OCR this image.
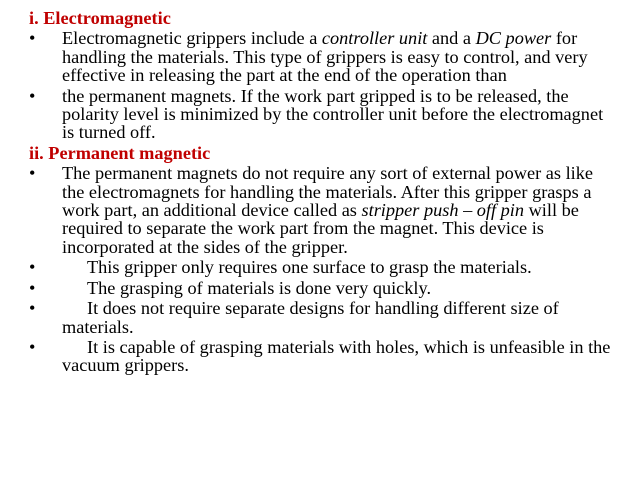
i. Electromagnetic
• Electromagnetic grippers include a controller unit and a DC power for handling the materials. This type of grippers is easy to control, and very effective in releasing the part at the end of the operation than
• the permanent magnets. If the work part gripped is to be released, the polarity level is minimized by the controller unit before the electromagnet is turned off.
ii. Permanent magnetic
• The permanent magnets do not require any sort of external power as like the electromagnets for handling the materials. After this gripper grasps a work part, an additional device called as stripper push – off pin will be required to separate the work part from the magnet. This device is incorporated at the sides of the gripper.
•	This gripper only requires one surface to grasp the materials.
•	The grasping of materials is done very quickly.
•	It does not require separate designs for handling different size of materials.
•	It is capable of grasping materials with holes, which is unfeasible in the vacuum grippers.
